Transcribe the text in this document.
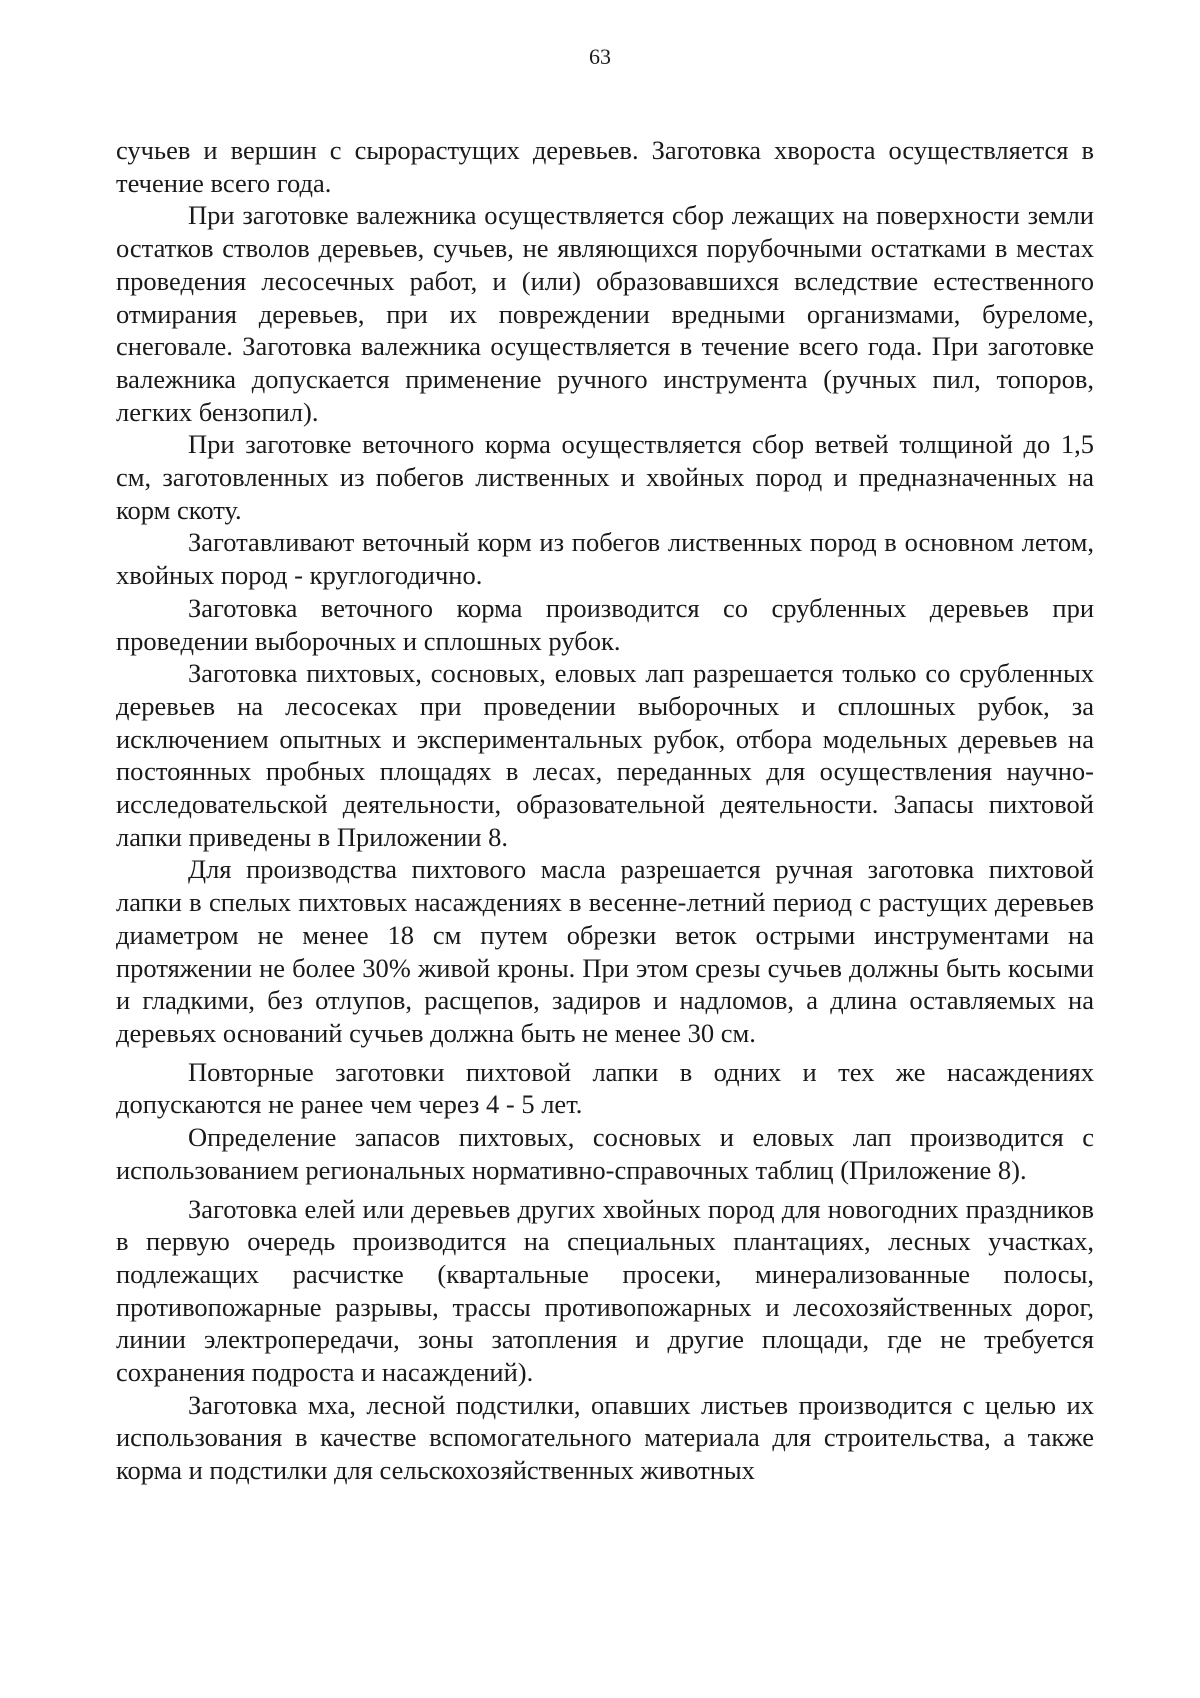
63

сучьев и вершин с сырорастущих деревьев. Заготовка хвороста осуществляется в течение всего года.

При заготовке валежника осуществляется сбор лежащих на поверхности земли остатков стволов деревьев, сучьев, не являющихся порубочными остатками в местах проведения лесосечных работ, и (или) образовавшихся вследствие естественного отмирания деревьев, при их повреждении вредными организмами, буреломе, снеговале. Заготовка валежника осуществляется в течение всего года. При заготовке валежника допускается применение ручного инструмента (ручных пил, топоров, легких бензопил).

При заготовке веточного корма осуществляется сбор ветвей толщиной до 1,5 см, заготовленных из побегов лиственных и хвойных пород и предназначенных на корм скоту.

Заготавливают веточный корм из побегов лиственных пород в основном летом, хвойных пород - круглогодично.

Заготовка веточного корма производится со срубленных деревьев при проведении выборочных и сплошных рубок.

Заготовка пихтовых, сосновых, еловых лап разрешается только со срубленных деревьев на лесосеках при проведении выборочных и сплошных рубок, за исключением опытных и экспериментальных рубок, отбора модельных деревьев на постоянных пробных площадях в лесах, переданных для осуществления научно-исследовательской деятельности, образовательной деятельности. Запасы пихтовой лапки приведены в Приложении 8.

Для производства пихтового масла разрешается ручная заготовка пихтовой лапки в спелых пихтовых насаждениях в весенне-летний период с растущих деревьев диаметром не менее 18 см путем обрезки веток острыми инструментами на протяжении не более 30% живой кроны. При этом срезы сучьев должны быть косыми и гладкими, без отлупов, расщепов, задиров и надломов, а длина оставляемых на деревьях оснований сучьев должна быть не менее 30 см.

Повторные заготовки пихтовой лапки в одних и тех же насаждениях допускаются не ранее чем через 4 - 5 лет.

Определение запасов пихтовых, сосновых и еловых лап производится с использованием региональных нормативно-справочных таблиц (Приложение 8).

Заготовка елей или деревьев других хвойных пород для новогодних праздников в первую очередь производится на специальных плантациях, лесных участках, подлежащих расчистке (квартальные просеки, минерализованные полосы, противопожарные разрывы, трассы противопожарных и лесохозяйственных дорог, линии электропередачи, зоны затопления и другие площади, где не требуется сохранения подроста и насаждений).

Заготовка мха, лесной подстилки, опавших листьев производится с целью их использования в качестве вспомогательного материала для строительства, а также корма и подстилки для сельскохозяйственных животных
